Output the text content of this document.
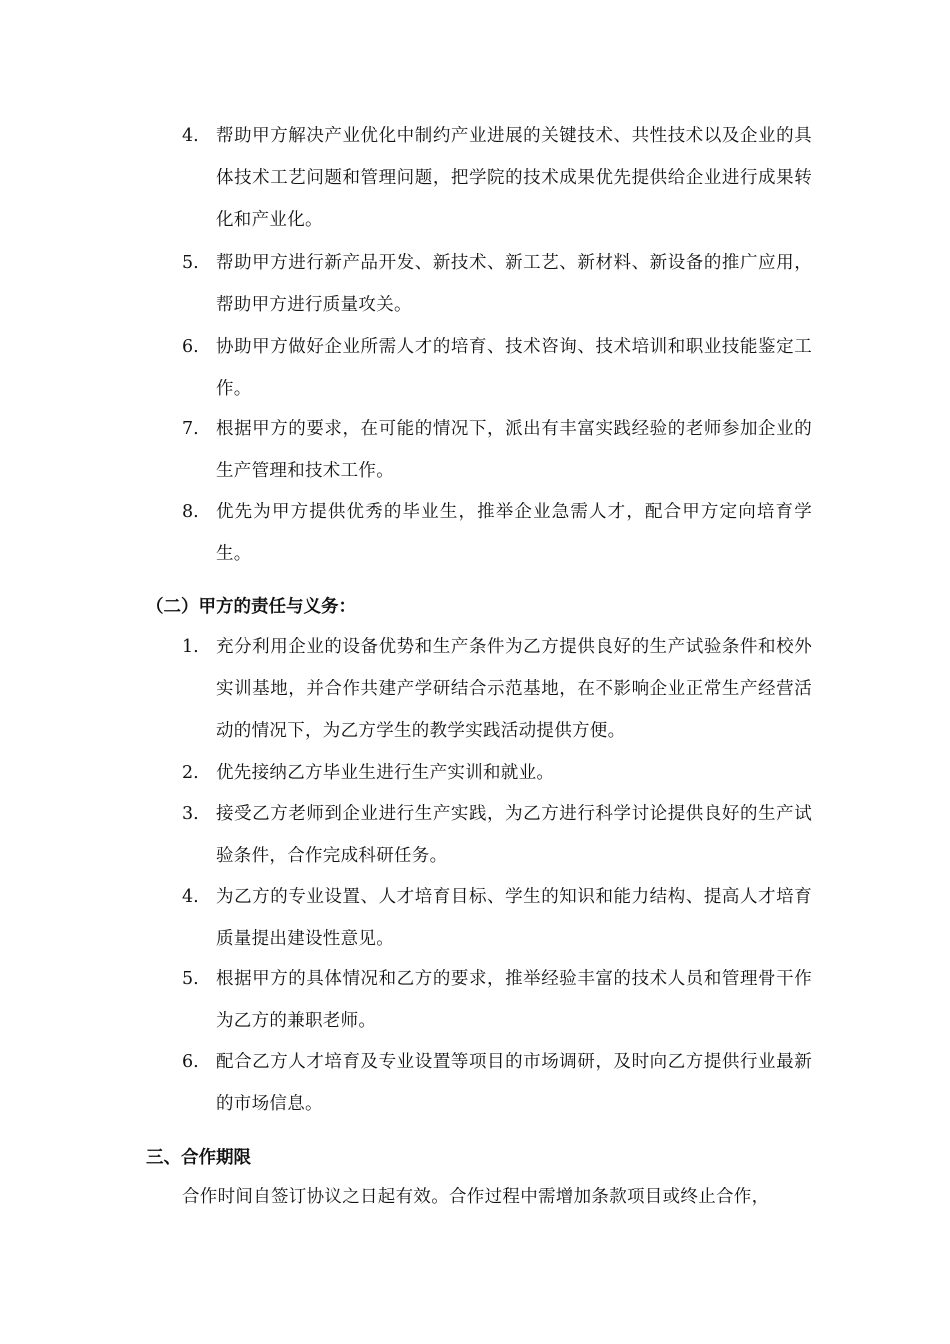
4. 帮助甲方解决产业优化中制约产业进展的关键技术、共性技术以及企业的具体技术工艺问题和管理问题，把学院的技术成果优先提供给企业进行成果转化和产业化。
5. 帮助甲方进行新产品开发、新技术、新工艺、新材料、新设备的推广应用，帮助甲方进行质量攻关。
6. 协助甲方做好企业所需人才的培育、技术咨询、技术培训和职业技能鉴定工作。
7. 根据甲方的要求，在可能的情况下，派出有丰富实践经验的老师参加企业的生产管理和技术工作。
8. 优先为甲方提供优秀的毕业生，推举企业急需人才，配合甲方定向培育学生。
（二）甲方的责任与义务：
1. 充分利用企业的设备优势和生产条件为乙方提供良好的生产试验条件和校外实训基地，并合作共建产学研结合示范基地，在不影响企业正常生产经营活动的情况下，为乙方学生的教学实践活动提供方便。
2. 优先接纳乙方毕业生进行生产实训和就业。
3. 接受乙方老师到企业进行生产实践，为乙方进行科学讨论提供良好的生产试验条件，合作完成科研任务。
4. 为乙方的专业设置、人才培育目标、学生的知识和能力结构、提高人才培育质量提出建设性意见。
5. 根据甲方的具体情况和乙方的要求，推举经验丰富的技术人员和管理骨干作为乙方的兼职老师。
6. 配合乙方人才培育及专业设置等项目的市场调研，及时向乙方提供行业最新的市场信息。
三、合作期限
合作时间自签订协议之日起有效。合作过程中需增加条款项目或终止合作，
